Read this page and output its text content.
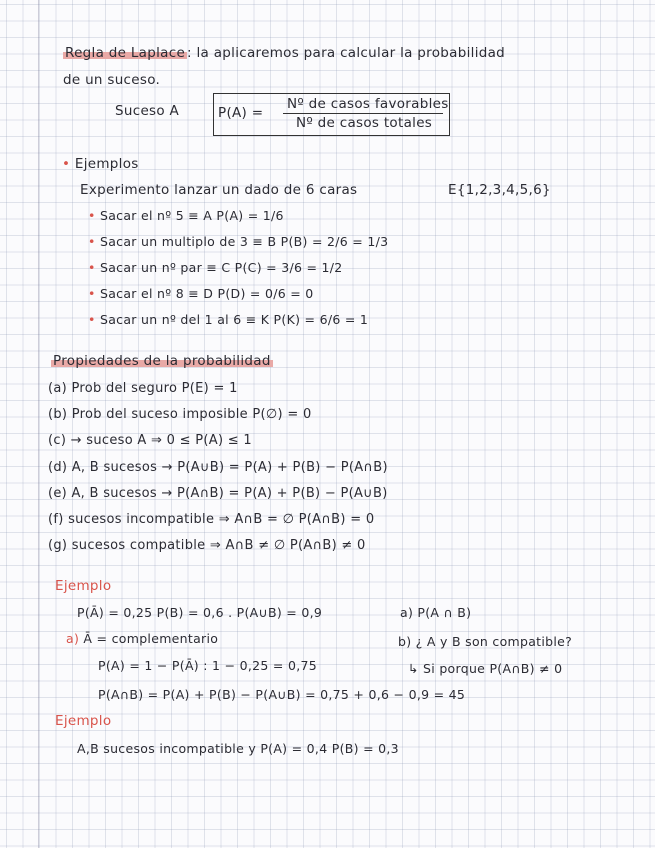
Regla de Laplace : la aplicaremos para calcular la probabilidad
de un suceso.
Suceso A	P(A) =
Nº de casos favorables
Nº de casos totales
• Ejemplos
Experimento lanzar un dado de 6 caras	E{1,2,3,4,5,6}
• Sacar el nº 5 ≡ A P(A) = 1/6
• Sacar un multiplo de 3 ≡ B P(B) = 2/6 = 1/3
• Sacar un nº par ≡ C P(C) = 3/6 = 1/2
• Sacar el nº 8 ≡ D P(D) = 0/6 = 0
• Sacar un nº del 1 al 6 ≡ K P(K) = 6/6 = 1
Propiedades de la probabilidad
(a) Prob del seguro P(E) = 1
(b) Prob del suceso imposible P(∅) = 0
(c) → suceso A ⇒ 0 ≤ P(A) ≤ 1
(d) A, B sucesos → P(A∪B) = P(A) + P(B) − P(A∩B)
(e) A, B sucesos → P(A∩B) = P(A) + P(B) − P(A∪B)
(f) sucesos incompatible ⇒ A∩B = ∅ P(A∩B) = 0
(g) sucesos compatible ⇒ A∩B ≠ ∅ P(A∩B) ≠ 0
Ejemplo
P(Ā) = 0,25 P(B) = 0,6 . P(A∪B) = 0,9	a) P(A ∩ B)
a) Ā = complementario	b) ¿ A y B son compatible?
P(A) = 1 − P(Ā) : 1 − 0,25 = 0,75	↳ Si porque P(A∩B) ≠ 0
P(A∩B) = P(A) + P(B) − P(A∪B) = 0,75 + 0,6 − 0,9 = 45
Ejemplo
A,B sucesos incompatible y P(A) = 0,4 P(B) = 0,3
